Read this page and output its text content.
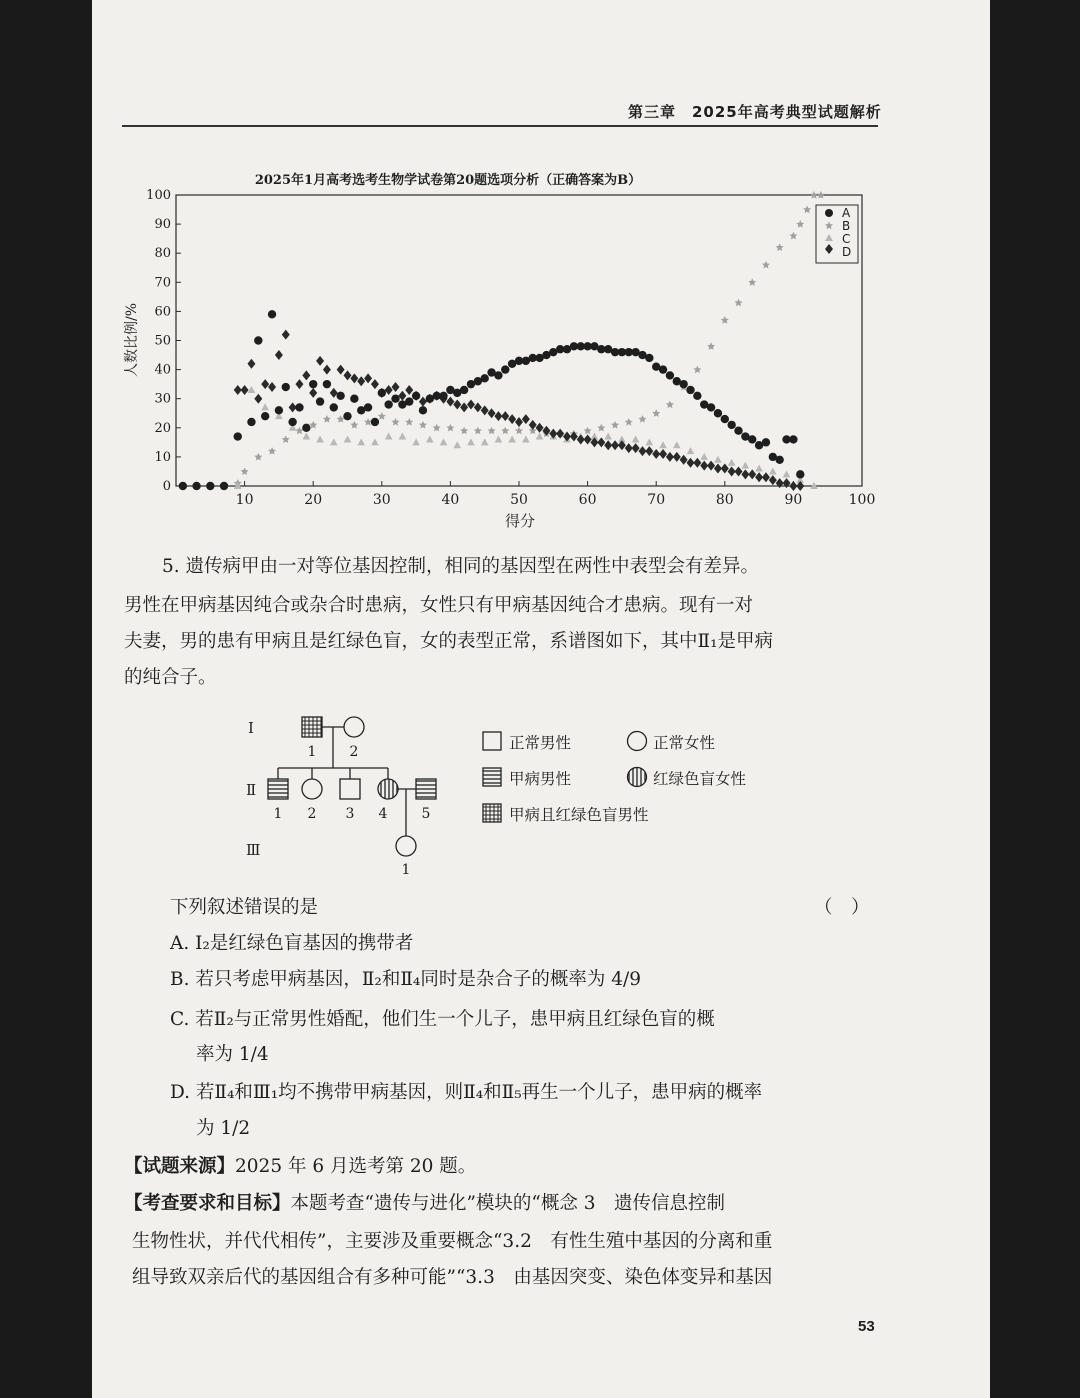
第三章　2025年高考典型试题解析
2025年1月高考选考生物学试卷第20题选项分析（正确答案为B）
0
10
20
30
40
50
60
70
80
90
100
10	20	30	40	50	60	70	80	90	100
人数比例/%
得分
A
B
C
D
5. 遗传病甲由一对等位基因控制，相同的基因型在两性中表型会有差异。
男性在甲病基因纯合或杂合时患病，女性只有甲病基因纯合才患病。现有一对
夫妻，男的患有甲病且是红绿色盲，女的表型正常，系谱图如下，其中Ⅱ₁是甲病
的纯合子。
Ⅰ
Ⅱ
Ⅲ
1 2
1 2 3 4 5
1
正常男性	正常女性
甲病男性	红绿色盲女性
甲病且红绿色盲男性
下列叙述错误的是	（　）
A. Ⅰ₂是红绿色盲基因的携带者
B. 若只考虑甲病基因，Ⅱ₂和Ⅱ₄同时是杂合子的概率为 4/9
C. 若Ⅱ₂与正常男性婚配，他们生一个儿子，患甲病且红绿色盲的概
率为 1/4
D. 若Ⅱ₄和Ⅲ₁均不携带甲病基因，则Ⅱ₄和Ⅱ₅再生一个儿子，患甲病的概率
为 1/2
【试题来源】2025 年 6 月选考第 20 题。
【考查要求和目标】本题考查“遗传与进化”模块的“概念 3　遗传信息控制
生物性状，并代代相传”，主要涉及重要概念“3.2　有性生殖中基因的分离和重
组导致双亲后代的基因组合有多种可能”“3.3　由基因突变、染色体变异和基因
53
